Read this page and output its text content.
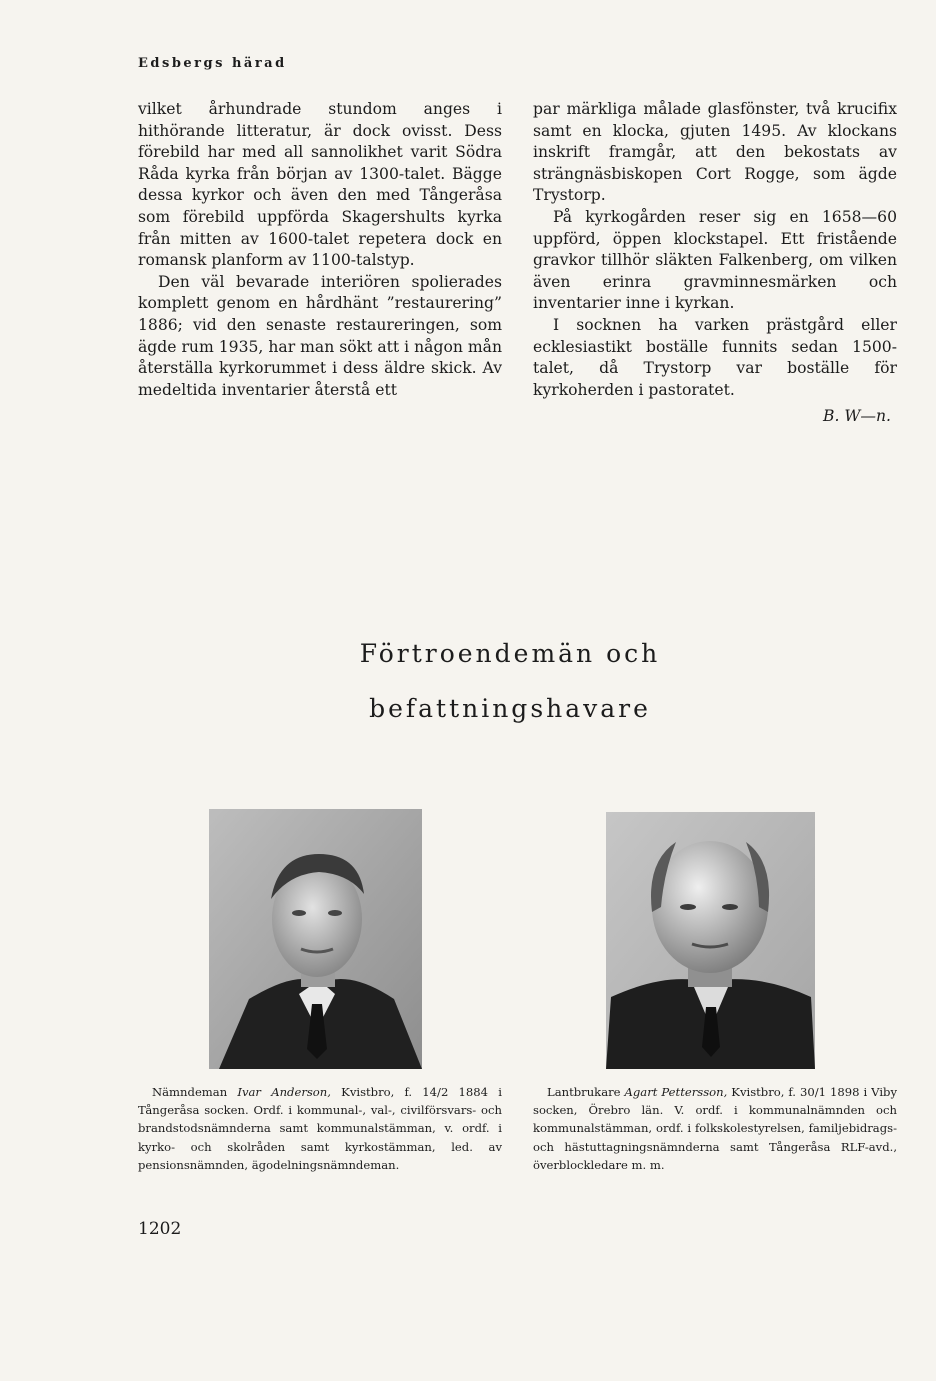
Edsbergs härad

vilket århundrade stundom anges i hithörande litteratur, är dock ovisst. Dess förebild har med all sannolikhet varit Södra Råda kyrka från början av 1300-talet. Bägge dessa kyrkor och även den med Tångeråsa som förebild uppförda Skagershults kyrka från mitten av 1600-talet repetera dock en romansk planform av 1100-talstyp.

Den väl bevarade interiören spolierades komplett genom en hårdhänt ”restaurering” 1886; vid den senaste restaureringen, som ägde rum 1935, har man sökt att i någon mån återställa kyrkorummet i dess äldre skick. Av medeltida inventarier återstå ett

par märkliga målade glasfönster, två krucifix samt en klocka, gjuten 1495. Av klockans inskrift framgår, att den bekostats av strängnäsbiskopen Cort Rogge, som ägde Trystorp.

På kyrkogården reser sig en 1658—60 uppförd, öppen klockstapel. Ett fristående gravkor tillhör släkten Falkenberg, om vilken även erinra gravminnesmärken och inventarier inne i kyrkan.

I socknen ha varken prästgård eller ecklesiastikt boställe funnits sedan 1500-talet, då Trystorp var boställe för kyrkoherden i pastoratet.

B. W—n.

Förtroendemän och
befattningshavare
Nämndeman Ivar Anderson, Kvistbro, f. 14/2 1884 i Tångeråsa socken. Ordf. i kommunal-, val-, civilförsvars- och brandstodsnämnderna samt kommunalstämman, v. ordf. i kyrko- och skolråden samt kyrkostämman, led. av pensionsnämnden, ägodelningsnämndeman.
Lantbrukare Agart Pettersson, Kvistbro, f. 30/1 1898 i Viby socken, Örebro län. V. ordf. i kommunalnämnden och kommunalstämman, ordf. i folkskolestyrelsen, familjebidrags- och hästuttagningsnämnderna samt Tångeråsa RLF-avd., överblockledare m. m.
1202
